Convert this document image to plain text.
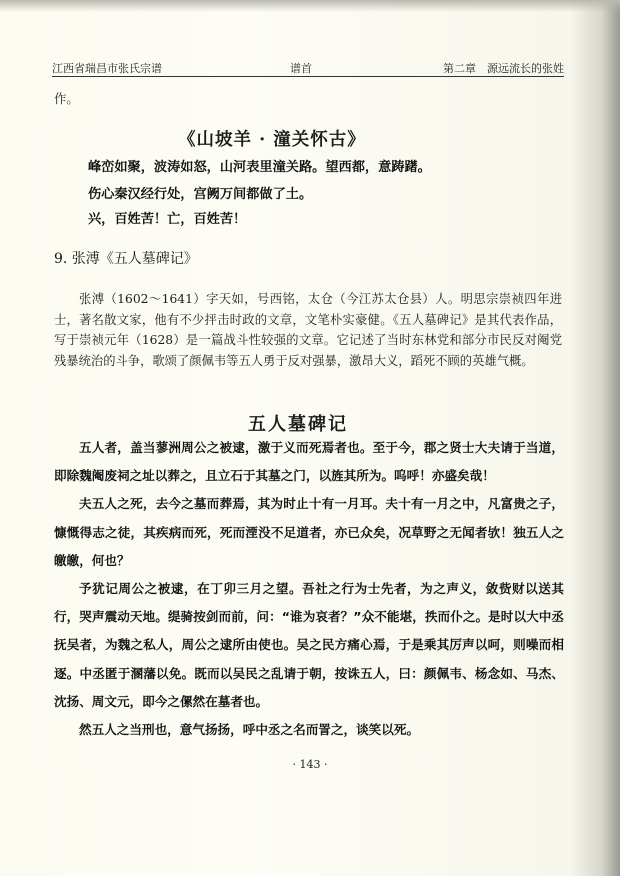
江西省瑞昌市张氏宗谱	谱首	第二章　源远流长的张姓
作。
《山坡羊 · 潼关怀古》
峰峦如聚，波涛如怒，山河表里潼关路。望西都，意踌躇。
伤心秦汉经行处，宫阙万间都做了土。
兴，百姓苦！亡，百姓苦！
9. 张溥《五人墓碑记》

张溥（1602～1641）字天如，号西铭，太仓（今江苏太仓县）人。明思宗崇祯四年进士，著名散文家，他有不少抨击时政的文章，文笔朴实豪健。《五人墓碑记》是其代表作品，写于崇祯元年（1628）是一篇战斗性较强的文章。它记述了当时东林党和部分市民反对阉党残暴统治的斗争，歌颂了颜佩韦等五人勇于反对强暴，激昂大义，蹈死不顾的英雄气概。

五人墓碑记

五人者，盖当蓼洲周公之被逮，激于义而死焉者也。至于今，郡之贤士大夫请于当道，即除魏阉废祠之址以葬之，且立石于其墓之门，以旌其所为。呜呼！亦盛矣哉！

夫五人之死，去今之墓而葬焉，其为时止十有一月耳。夫十有一月之中，凡富贵之子，慷慨得志之徒，其疾病而死，死而湮没不足道者，亦已众矣，况草野之无闻者欤！独五人之皦皦，何也？

予犹记周公之被逮，在丁卯三月之望。吾社之行为士先者，为之声义，敛赀财以送其行，哭声震动天地。缇骑按剑而前，问：“谁为哀者？”众不能堪，抶而仆之。是时以大中丞抚吴者，为魏之私人，周公之逮所由使也。吴之民方痛心焉，于是乘其厉声以呵，则噪而相逐。中丞匿于溷藩以免。既而以吴民之乱请于朝，按诛五人，曰：颜佩韦、杨念如、马杰、沈扬、周文元，即今之傫然在墓者也。

然五人之当刑也，意气扬扬，呼中丞之名而詈之，谈笑以死。

· 143 ·
